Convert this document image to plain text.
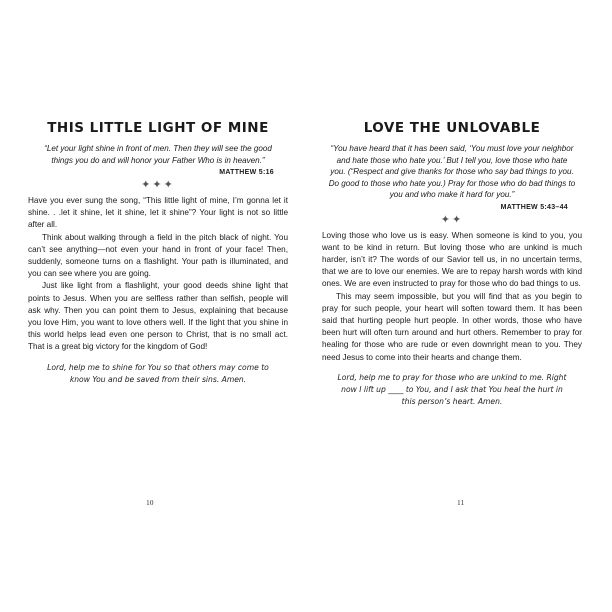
THIS LITTLE LIGHT OF MINE

“Let your light shine in front of men. Then they will see the good things you do and will honor your Father Who is in heaven.”

MATTHEW 5:16
✦✦✦

Have you ever sung the song, “This little light of mine, I’m gonna let it shine. . .let it shine, let it shine, let it shine”? Your light is not so little after all.

Think about walking through a field in the pitch black of night. You can’t see anything—not even your hand in front of your face! Then, suddenly, someone turns on a flashlight. Your path is illuminated, and you can see where you are going.

Just like light from a flashlight, your good deeds shine light that points to Jesus. When you are selfless rather than selfish, people will ask why. Then you can point them to Jesus, explaining that because you love Him, you want to love others well. If the light that you shine in this world helps lead even one person to Christ, that is no small act. That is a great big victory for the kingdom of God!

Lord, help me to shine for You so that others may come to know You and be saved from their sins. Amen.

10
LOVE THE UNLOVABLE

“You have heard that it has been said, ‘You must love your neighbor and hate those who hate you.’ But I tell you, love those who hate you. (“Respect and give thanks for those who say bad things to you. Do good to those who hate you.) Pray for those who do bad things to you and who make it hard for you.”

MATTHEW 5:43–44
✦✦

Loving those who love us is easy. When someone is kind to you, you want to be kind in return. But loving those who are unkind is much harder, isn’t it? The words of our Savior tell us, in no uncertain terms, that we are to love our enemies. We are to repay harsh words with kind ones. We are even instructed to pray for those who do bad things to us.

This may seem impossible, but you will find that as you begin to pray for such people, your heart will soften toward them. It has been said that hurting people hurt people. In other words, those who have been hurt will often turn around and hurt others. Remember to pray for healing for those who are rude or even downright mean to you. They need Jesus to come into their hearts and change them.

Lord, help me to pray for those who are unkind to me. Right now I lift up ____ to You, and I ask that You heal the hurt in this person’s heart. Amen.

11
